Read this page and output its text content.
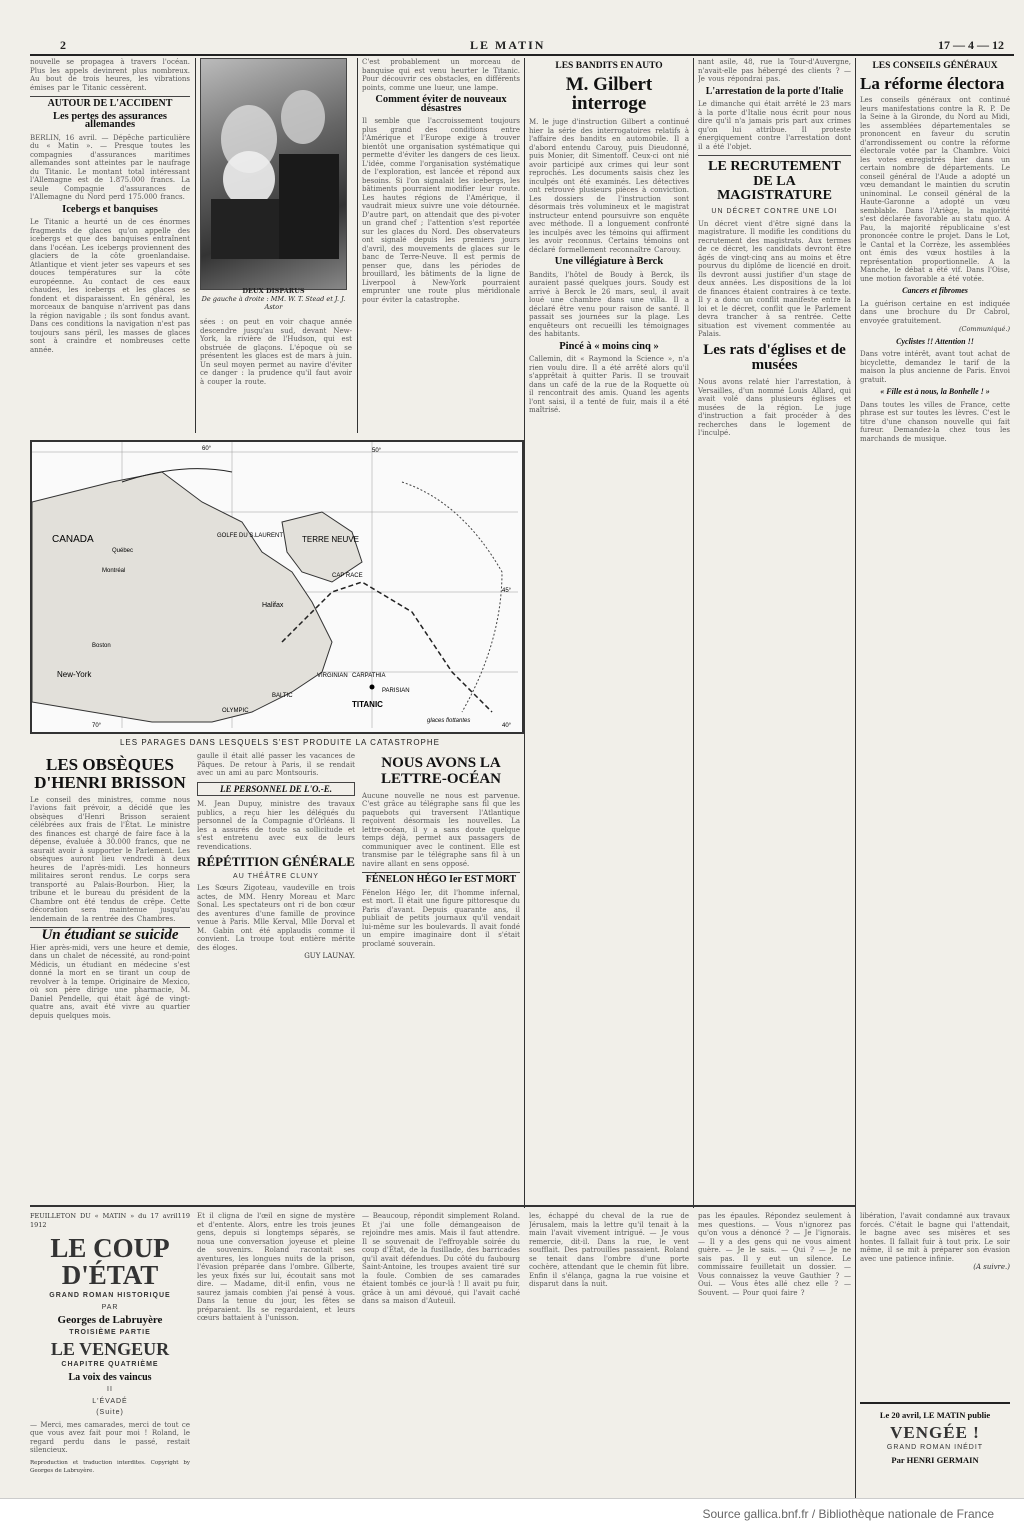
2	LE MATIN	17 — 4 — 12
nouvelle se propagea à travers l'océan. Plus les appels devinrent plus nombreux. Au bout de trois heures, les vibrations émises par le Titanic cessèrent.
AUTOUR DE L'ACCIDENT
Les pertes des assurances allemandes
BERLIN, 16 avril. — Dépêche particulière du « Matin ». — Presque toutes les compagnies d'assurances maritimes allemandes sont atteintes par le naufrage du Titanic. Le montant total intéressant l'Allemagne est de 1.875.000 francs. La seule Compagnie d'assurances de l'Allemagne du Nord perd 175.000 francs.
Icebergs et banquises
Le Titanic a heurté un de ces énormes fragments de glaces qu'on appelle des icebergs et que des banquises entraînent dans l'océan. Les icebergs proviennent des glaciers de la côte groenlandaise. Atlantique et vient jeter ses vapeurs et ses douces températures sur la côte européenne. Au contact de ces eaux chaudes, les icebergs et les glaces se fondent et disparaissent. En général, les morceaux de banquise n'arrivent pas dans la région navigable ; ils sont fondus avant. Dans ces conditions la navigation n'est pas toujours sans péril, les masses de glaces sont à craindre et nombreuses cette année.
DEUX DISPARUS
De gauche à droite : MM. W. T. Stead et J. J. Astor
sées : on peut en voir chaque année descendre jusqu'au sud, devant New-York, la rivière de l'Hudson, qui est obstruée de glaçons. L'époque où se présentent les glaces est de mars à juin. Un seul moyen permet au navire d'éviter ce danger : la prudence qu'il faut avoir à couper la route.
C'est probablement un morceau de banquise qui est venu heurter le Titanic. Pour découvrir ces obstacles, en différents points, comme une lueur, une lampe.
Comment éviter de nouveaux désastres
Il semble que l'accroissement toujours plus grand des conditions entre l'Amérique et l'Europe exige à trouver bientôt une organisation systématique qui permette d'éviter les dangers de ces lieux. L'idée, comme l'organisation systématique de l'exploration, est lancée et répond aux besoins. Si l'on signalait les icebergs, les bâtiments pourraient modifier leur route. Les hautes régions de l'Amérique, il vaudrait mieux suivre une voie détournée. D'autre part, on attendait que des pi-voter un grand chef ; l'attention s'est reportée sur les glaces du Nord. Des observateurs ont signalé depuis les premiers jours d'avril, des mouvements de glaces sur le banc de Terre-Neuve. Il est permis de penser que, dans les périodes de brouillard, les bâtiments de la ligne de Liverpool à New-York pourraient emprunter une route plus méridionale pour éviter la catastrophe.
CANADA	TERRE NEUVE
GOLFE DU S.LAURENT
Québec
Montréal
Halifax
Boston
New-York
CAP RACE
TITANIC
OLYMPIC
BALTIC
VIRGINIAN CARPATHIA
PARISIAN
glaces flottantes
50°
60°
40°
70°
45°
LES PARAGES DANS LESQUELS S'EST PRODUITE LA CATASTROPHE
LES OBSÈQUES D'HENRI BRISSON
Le conseil des ministres, comme nous l'avions fait prévoir, a décidé que les obsèques d'Henri Brisson seraient célébrées aux frais de l'État. Le ministre des finances est chargé de faire face à la dépense, évaluée à 30.000 francs, que ne saurait avoir à supporter le Parlement. Les obsèques auront lieu vendredi à deux heures de l'après-midi. Les honneurs militaires seront rendus. Le corps sera transporté au Palais-Bourbon. Hier, la tribune et le bureau du président de la Chambre ont été tendus de crêpe. Cette décoration sera maintenue jusqu'au lendemain de la rentrée des Chambres.
Un étudiant se suicide
Hier après-midi, vers une heure et demie, dans un chalet de nécessité, au rond-point Médicis, un étudiant en médecine s'est donné la mort en se tirant un coup de revolver à la tempe. Originaire de Mexico, où son père dirige une pharmacie, M. Daniel Pendelle, qui était âgé de vingt-quatre ans, avait été vivre au quartier depuis quelques mois.
gaulle il était allé passer les vacances de Pâques. De retour à Paris, il se rendait avec un ami au parc Montsouris.
LE PERSONNEL DE L'O.-E.
M. Jean Dupuy, ministre des travaux publics, a reçu hier les délégués du personnel de la Compagnie d'Orléans. Il les a assurés de toute sa sollicitude et s'est entretenu avec eux de leurs revendications.
RÉPÉTITION GÉNÉRALE
AU THÉÂTRE CLUNY
Les Sœurs Zigoteau, vaudeville en trois actes, de MM. Henry Moreau et Marc Sonal. Les spectateurs ont ri de bon cœur des aventures d'une famille de province venue à Paris. Mlle Kerval, Mlle Dorval et M. Gabin ont été applaudis comme il convient. La troupe tout entière mérite des éloges.
GUY LAUNAY.
NOUS AVONS LA LETTRE-OCÉAN
Aucune nouvelle ne nous est parvenue. C'est grâce au télégraphe sans fil que les paquebots qui traversent l'Atlantique reçoivent désormais les nouvelles. La lettre-océan, il y a sans doute quelque temps déjà, permet aux passagers de communiquer avec le continent. Elle est transmise par le télégraphe sans fil à un navire allant en sens opposé.
FÉNELON HÉGO Ier EST MORT
Fénelon Hégo Ier, dit l'homme infernal, est mort. Il était une figure pittoresque du Paris d'avant. Depuis quarante ans, il publiait de petits journaux qu'il vendait lui-même sur les boulevards. Il avait fondé un empire imaginaire dont il s'était proclamé souverain.
LES BANDITS EN AUTO
M. Gilbert interroge
M. le juge d'instruction Gilbert a continué hier la série des interrogatoires relatifs à l'affaire des bandits en automobile. Il a d'abord entendu Carouy, puis Dieudonné, puis Monier, dit Simentoff. Ceux-ci ont nié avoir participé aux crimes qui leur sont reprochés. Les documents saisis chez les inculpés ont été examinés. Les détectives ont retrouvé plusieurs pièces à conviction. Les dossiers de l'instruction sont désormais très volumineux et le magistrat instructeur entend poursuivre son enquête avec méthode. Il a longuement confronté les inculpés avec les témoins qui affirment les avoir reconnus. Certains témoins ont déclaré formellement reconnaître Carouy.
Une villégiature à Berck
Bandits, l'hôtel de Boudy à Berck, ils auraient passé quelques jours. Soudy est arrivé à Berck le 26 mars, seul, il avait loué une chambre dans une villa. Il a déclaré être venu pour raison de santé. Il passait ses journées sur la plage. Les enquêteurs ont recueilli les témoignages des habitants.
Pincé à « moins cinq »
Callemin, dit « Raymond la Science », n'a rien voulu dire. Il a été arrêté alors qu'il s'apprêtait à quitter Paris. Il se trouvait dans un café de la rue de la Roquette où il rencontrait des amis. Quand les agents l'ont saisi, il a tenté de fuir, mais il a été maîtrisé.
nant asile, 48, rue la Tour-d'Auvergne, n'avait-elle pas hébergé des clients ? — Je vous répondrai pas.
L'arrestation de la porte d'Italie
Le dimanche qui était arrêté le 23 mars à la porte d'Italie nous écrit pour nous dire qu'il n'a jamais pris part aux crimes qu'on lui attribue. Il proteste énergiquement contre l'arrestation dont il a été l'objet.
LE RECRUTEMENT DE LA MAGISTRATURE
UN DÉCRET CONTRE UNE LOI
Un décret vient d'être signé dans la magistrature. Il modifie les conditions du recrutement des magistrats. Aux termes de ce décret, les candidats devront être âgés de vingt-cinq ans au moins et être pourvus du diplôme de licencié en droit. Ils devront aussi justifier d'un stage de deux années. Les dispositions de la loi de finances étaient contraires à ce texte. Il y a donc un conflit manifeste entre la loi et le décret, conflit que le Parlement devra trancher à sa rentrée. Cette situation est vivement commentée au Palais.
Les rats d'églises et de musées
Nous avons relaté hier l'arrestation, à Versailles, d'un nommé Louis Allard, qui avait volé dans plusieurs églises et musées de la région. Le juge d'instruction a fait procéder à des recherches dans le logement de l'inculpé.
LES CONSEILS GÉNÉRAUX
La réforme électora
Les conseils généraux ont continué leurs manifestations contre la R. P. De la Seine à la Gironde, du Nord au Midi, les assemblées départementales se prononcent en faveur du scrutin d'arrondissement ou contre la réforme électorale votée par la Chambre. Voici les votes enregistrés hier dans un certain nombre de départements. Le conseil général de l'Aude a adopté un vœu demandant le maintien du scrutin uninominal. Le conseil général de la Haute-Garonne a adopté un vœu semblable. Dans l'Ariège, la majorité s'est déclarée favorable au statu quo. A Pau, la majorité républicaine s'est prononcée contre le projet. Dans le Lot, le Cantal et la Corrèze, les assemblées ont émis des vœux hostiles à la représentation proportionnelle. A la Manche, le débat a été vif. Dans l'Oise, une motion favorable a été votée.
Cancers et fibromes
La guérison certaine en est indiquée dans une brochure du Dr Cabrol, envoyée gratuitement.
(Communiqué.)
Cyclistes !! Attention !!
Dans votre intérêt, avant tout achat de bicyclette, demandez le tarif de la maison la plus ancienne de Paris. Envoi gratuit.
« Fille est à nous, la Bonhelle ! »
Dans toutes les villes de France, cette phrase est sur toutes les lèvres. C'est le titre d'une chanson nouvelle qui fait fureur. Demandez-la chez tous les marchands de musique.
FEUILLETON DU « MATIN » du 17 avril 1912
119
LE COUP D'ÉTAT
GRAND ROMAN HISTORIQUE
PAR
Georges de Labruyère
TROISIÈME PARTIE
LE VENGEUR
CHAPITRE QUATRIÈME
La voix des vaincus
II
L'ÉVADÉ
(Suite)
— Merci, mes camarades, merci de tout ce que vous avez fait pour moi ! Roland, le regard perdu dans le passé, restait silencieux.
Reproduction et traduction interdites. Copyright by Georges de Labruyère.
Et il cligna de l'œil en signe de mystère et d'entente. Alors, entre les trois jeunes gens, depuis si longtemps séparés, se noua une conversation joyeuse et pleine de souvenirs. Roland racontait ses aventures, les longues nuits de la prison, l'évasion préparée dans l'ombre. Gilberte, les yeux fixés sur lui, écoutait sans mot dire. — Madame, dit-il enfin, vous ne saurez jamais combien j'ai pensé à vous. Dans la tenue du jour, les fêtes se préparaient. Ils se regardaient, et leurs cœurs battaient à l'unisson.
— Beaucoup, répondit simplement Roland. Et j'ai une folle démangeaison de rejoindre mes amis. Mais il faut attendre. Il se souvenait de l'effroyable soirée du coup d'État, de la fusillade, des barricades qu'il avait défendues. Du côté du faubourg Saint-Antoine, les troupes avaient tiré sur la foule. Combien de ses camarades étaient tombés ce jour-là ! Il avait pu fuir, grâce à un ami dévoué, qui l'avait caché dans sa maison d'Auteuil.
les, échappé du cheval de la rue de Jérusalem, mais la lettre qu'il tenait à la main l'avait vivement intrigué. — Je vous remercie, dit-il. Dans la rue, le vent soufflait. Des patrouilles passaient. Roland se tenait dans l'ombre d'une porte cochère, attendant que le chemin fût libre. Enfin il s'élança, gagna la rue voisine et disparut dans la nuit.
pas les épaules. Répondez seulement à mes questions. — Vous n'ignorez pas qu'on vous a dénoncé ? — Je l'ignorais. — Il y a des gens qui ne vous aiment guère. — Je le sais. — Qui ? — Je ne sais pas. Il y eut un silence. Le commissaire feuilletait un dossier. — Vous connaissez la veuve Gauthier ? — Oui. — Vous êtes allé chez elle ? — Souvent. — Pour quoi faire ?
libération, l'avait condamné aux travaux forcés. C'était le bagne qui l'attendait, le bagne avec ses misères et ses hontes. Il fallait fuir à tout prix. Le soir même, il se mit à préparer son évasion avec une patience infinie.
(A suivre.)
Le 20 avril, LE MATIN publie
VENGÉE !
GRAND ROMAN INÉDIT
Par HENRI GERMAIN
Source gallica.bnf.fr / Bibliothèque nationale de France
